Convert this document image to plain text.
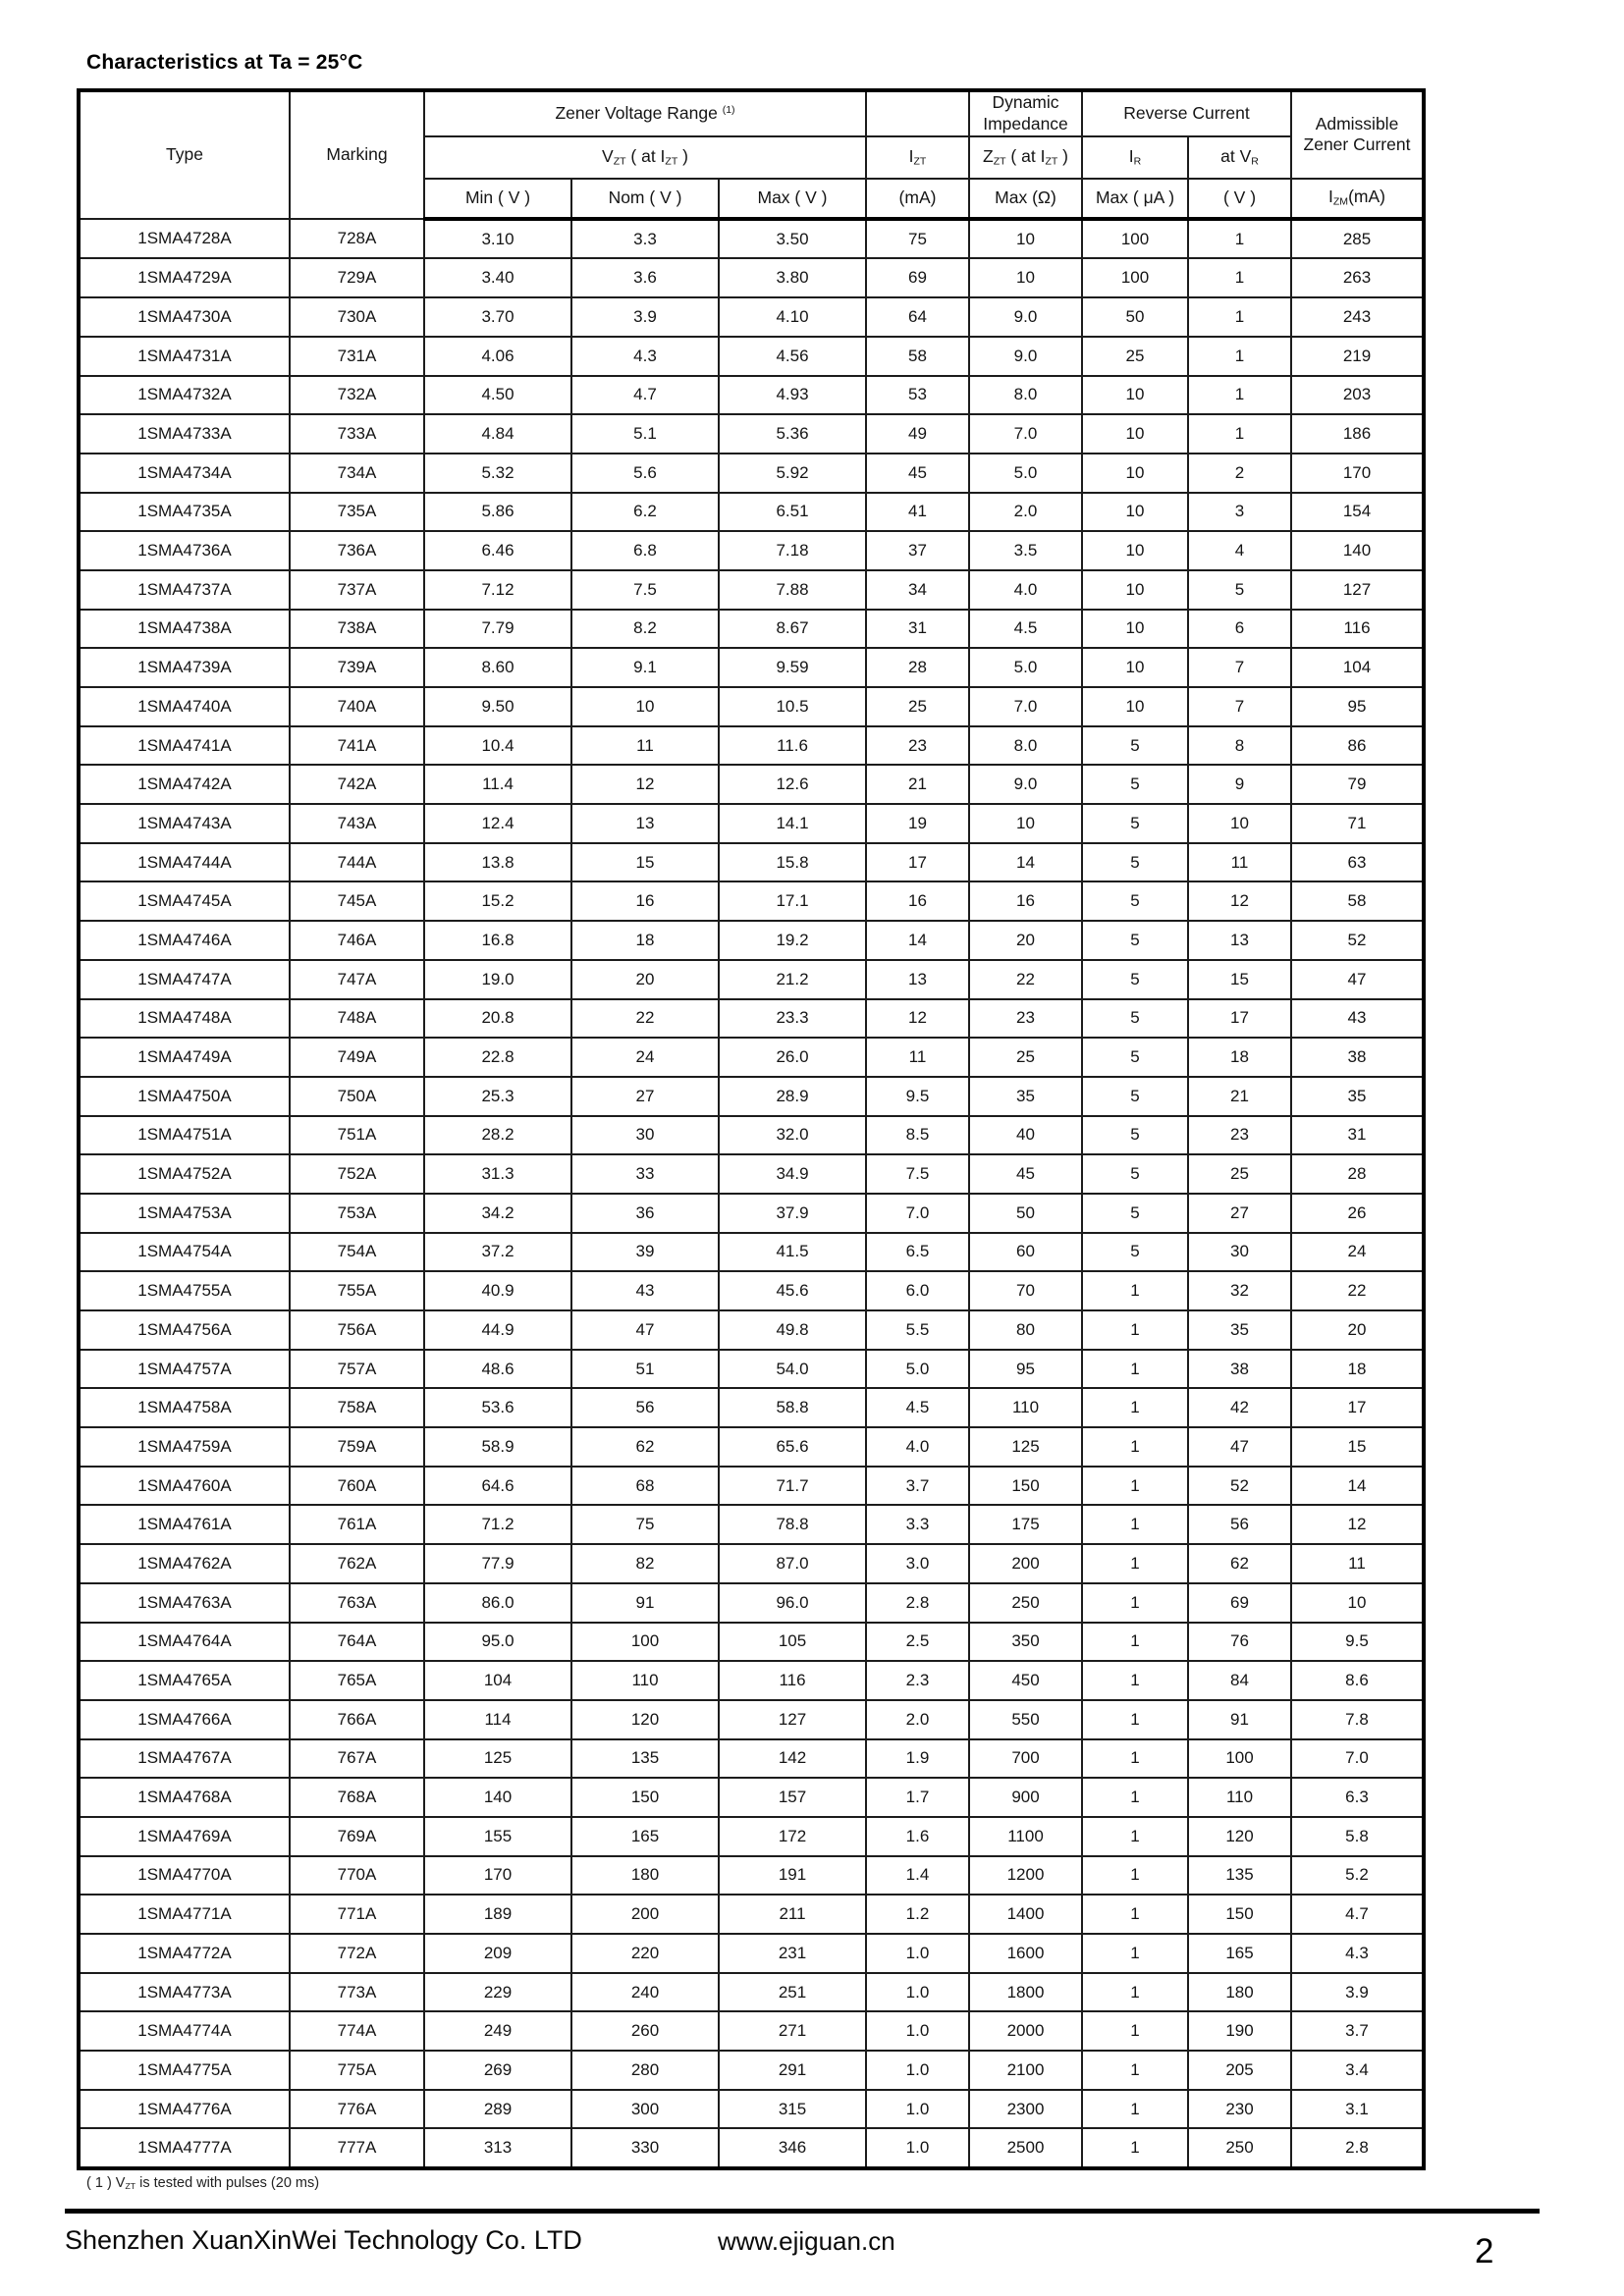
Characteristics at Ta = 25°C
Type	Marking	Zener Voltage Range $^{(1)}$				Dynamic
Impedance	Reverse Current		Admissible
Zener Current
		$V_{ZT}$ ( at $I_{ZT}$ )			$I_{ZT}$	$Z_{ZT}$ ( at $I_{ZT}$ )	$I_R$	at $V_R$
		Min ( V )	Nom ( V )	Max ( V )	(mA)	Max (Ω)	Max ( μA )	( V )	$I_{ZM}(mA)$
1SMA4728A	728A	3.10	3.3	3.50	75	10	100	1	285
1SMA4729A	729A	3.40	3.6	3.80	69	10	100	1	263
1SMA4730A	730A	3.70	3.9	4.10	64	9.0	50	1	243
1SMA4731A	731A	4.06	4.3	4.56	58	9.0	25	1	219
1SMA4732A	732A	4.50	4.7	4.93	53	8.0	10	1	203
1SMA4733A	733A	4.84	5.1	5.36	49	7.0	10	1	186
1SMA4734A	734A	5.32	5.6	5.92	45	5.0	10	2	170
1SMA4735A	735A	5.86	6.2	6.51	41	2.0	10	3	154
1SMA4736A	736A	6.46	6.8	7.18	37	3.5	10	4	140
1SMA4737A	737A	7.12	7.5	7.88	34	4.0	10	5	127
1SMA4738A	738A	7.79	8.2	8.67	31	4.5	10	6	116
1SMA4739A	739A	8.60	9.1	9.59	28	5.0	10	7	104
1SMA4740A	740A	9.50	10	10.5	25	7.0	10	7	95
1SMA4741A	741A	10.4	11	11.6	23	8.0	5	8	86
1SMA4742A	742A	11.4	12	12.6	21	9.0	5	9	79
1SMA4743A	743A	12.4	13	14.1	19	10	5	10	71
1SMA4744A	744A	13.8	15	15.8	17	14	5	11	63
1SMA4745A	745A	15.2	16	17.1	16	16	5	12	58
1SMA4746A	746A	16.8	18	19.2	14	20	5	13	52
1SMA4747A	747A	19.0	20	21.2	13	22	5	15	47
1SMA4748A	748A	20.8	22	23.3	12	23	5	17	43
1SMA4749A	749A	22.8	24	26.0	11	25	5	18	38
1SMA4750A	750A	25.3	27	28.9	9.5	35	5	21	35
1SMA4751A	751A	28.2	30	32.0	8.5	40	5	23	31
1SMA4752A	752A	31.3	33	34.9	7.5	45	5	25	28
1SMA4753A	753A	34.2	36	37.9	7.0	50	5	27	26
1SMA4754A	754A	37.2	39	41.5	6.5	60	5	30	24
1SMA4755A	755A	40.9	43	45.6	6.0	70	1	32	22
1SMA4756A	756A	44.9	47	49.8	5.5	80	1	35	20
1SMA4757A	757A	48.6	51	54.0	5.0	95	1	38	18
1SMA4758A	758A	53.6	56	58.8	4.5	110	1	42	17
1SMA4759A	759A	58.9	62	65.6	4.0	125	1	47	15
1SMA4760A	760A	64.6	68	71.7	3.7	150	1	52	14
1SMA4761A	761A	71.2	75	78.8	3.3	175	1	56	12
1SMA4762A	762A	77.9	82	87.0	3.0	200	1	62	11
1SMA4763A	763A	86.0	91	96.0	2.8	250	1	69	10
1SMA4764A	764A	95.0	100	105	2.5	350	1	76	9.5
1SMA4765A	765A	104	110	116	2.3	450	1	84	8.6
1SMA4766A	766A	114	120	127	2.0	550	1	91	7.8
1SMA4767A	767A	125	135	142	1.9	700	1	100	7.0
1SMA4768A	768A	140	150	157	1.7	900	1	110	6.3
1SMA4769A	769A	155	165	172	1.6	1100	1	120	5.8
1SMA4770A	770A	170	180	191	1.4	1200	1	135	5.2
1SMA4771A	771A	189	200	211	1.2	1400	1	150	4.7
1SMA4772A	772A	209	220	231	1.0	1600	1	165	4.3
1SMA4773A	773A	229	240	251	1.0	1800	1	180	3.9
1SMA4774A	774A	249	260	271	1.0	2000	1	190	3.7
1SMA4775A	775A	269	280	291	1.0	2100	1	205	3.4
1SMA4776A	776A	289	300	315	1.0	2300	1	230	3.1
1SMA4777A	777A	313	330	346	1.0	2500	1	250	2.8
( 1 ) $V_{ZT}$ is tested with pulses (20 ms)
Shenzhen XuanXinWei Technology Co. LTD	www.ejiguan.cn	2
